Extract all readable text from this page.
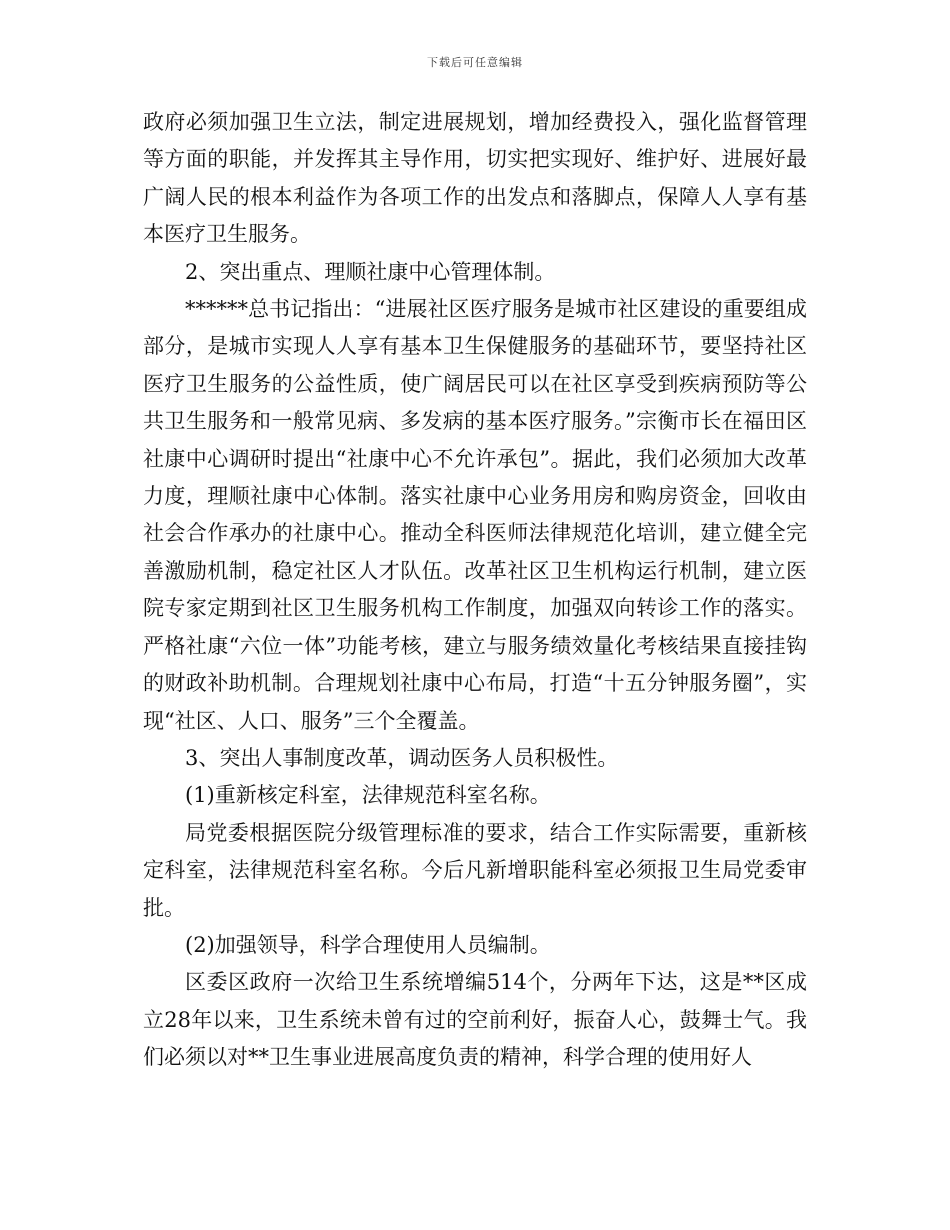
下载后可任意编辑

政府必须加强卫生立法，制定进展规划，增加经费投入，强化监督管理等方面的职能，并发挥其主导作用，切实把实现好、维护好、进展好最广阔人民的根本利益作为各项工作的出发点和落脚点，保障人人享有基本医疗卫生服务。

2、突出重点、理顺社康中心管理体制。

******总书记指出：“进展社区医疗服务是城市社区建设的重要组成部分，是城市实现人人享有基本卫生保健服务的基础环节，要坚持社区医疗卫生服务的公益性质，使广阔居民可以在社区享受到疾病预防等公共卫生服务和一般常见病、多发病的基本医疗服务。”宗衡市长在福田区社康中心调研时提出“社康中心不允许承包”。据此，我们必须加大改革力度，理顺社康中心体制。落实社康中心业务用房和购房资金，回收由社会合作承办的社康中心。推动全科医师法律规范化培训，建立健全完善激励机制，稳定社区人才队伍。改革社区卫生机构运行机制，建立医院专家定期到社区卫生服务机构工作制度，加强双向转诊工作的落实。严格社康“六位一体”功能考核，建立与服务绩效量化考核结果直接挂钩的财政补助机制。合理规划社康中心布局，打造“十五分钟服务圈”，实现“社区、人口、服务”三个全覆盖。

3、突出人事制度改革，调动医务人员积极性。

(1)重新核定科室，法律规范科室名称。

局党委根据医院分级管理标准的要求，结合工作实际需要，重新核定科室，法律规范科室名称。今后凡新增职能科室必须报卫生局党委审批。

(2)加强领导，科学合理使用人员编制。

区委区政府一次给卫生系统增编514个，分两年下达，这是**区成立28年以来，卫生系统未曾有过的空前利好，振奋人心，鼓舞士气。我们必须以对**卫生事业进展高度负责的精神，科学合理的使用好人
